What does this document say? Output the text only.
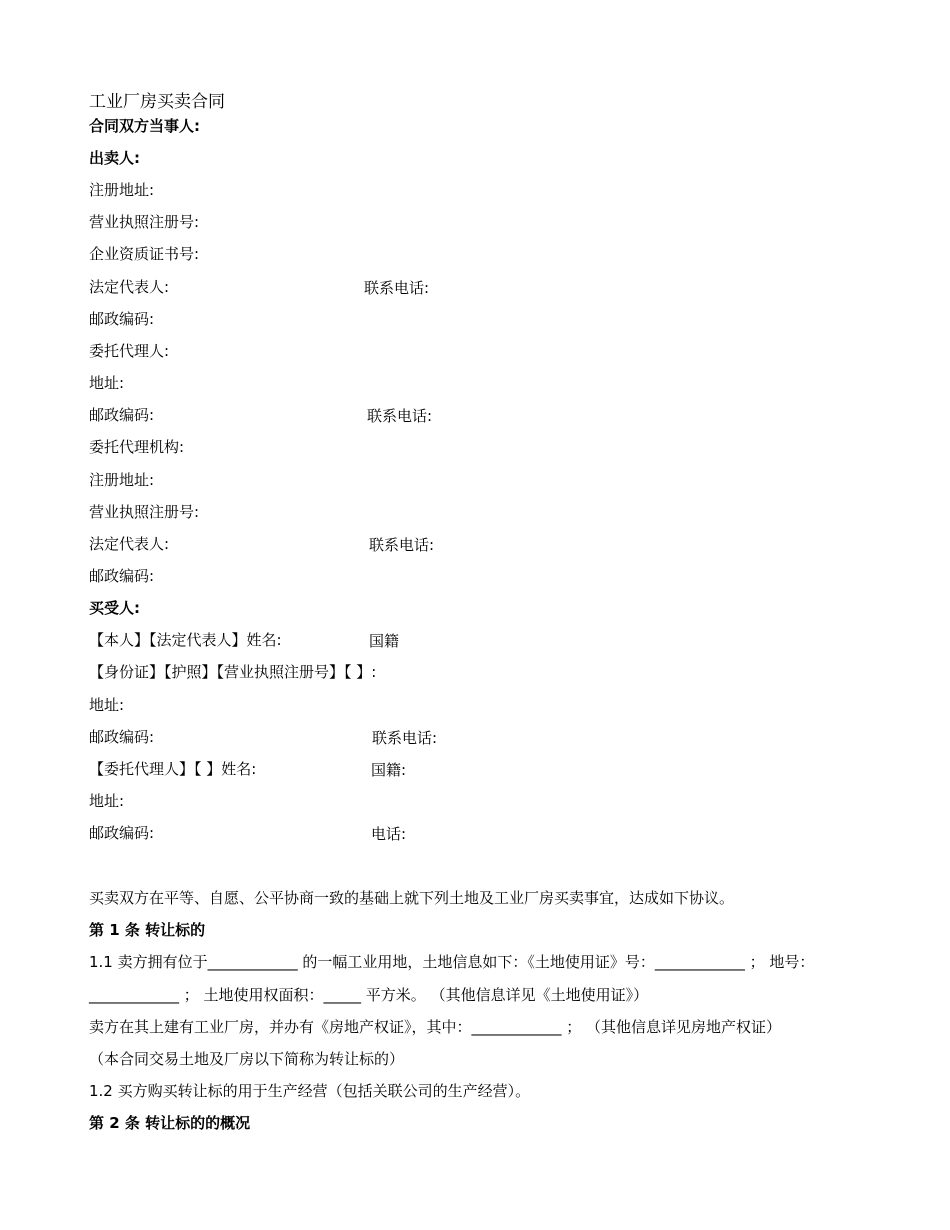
工业厂房买卖合同
合同双方当事人:
出卖人:
注册地址:
营业执照注册号:
企业资质证书号:
法定代表人:	联系电话:
邮政编码:
委托代理人:
地址:
邮政编码:	联系电话:
委托代理机构:
注册地址:
营业执照注册号:
法定代表人:	联系电话:
邮政编码:
买受人:
【本人】【法定代表人】姓名:	国籍
【身份证】【护照】【营业执照注册号】【 】:
地址:
邮政编码:	联系电话:
【委托代理人】【 】姓名:	国籍:
地址:
邮政编码:	电话:
买卖双方在平等、自愿、公平协商一致的基础上就下列土地及工业厂房买卖事宜，达成如下协议。
第 1 条 转让标的
1.1 卖方拥有位于____________ 的一幅工业用地，土地信息如下：《土地使用证》号：____________ ； 地号：
____________ ； 土地使用权面积：_____ 平方米。 （其他信息详见《土地使用证》）
卖方在其上建有工业厂房，并办有《房地产权证》，其中：____________ ； （其他信息详见房地产权证）
（本合同交易土地及厂房以下简称为转让标的）
1.2 买方购买转让标的用于生产经营（包括关联公司的生产经营）。
第 2 条 转让标的的概况
